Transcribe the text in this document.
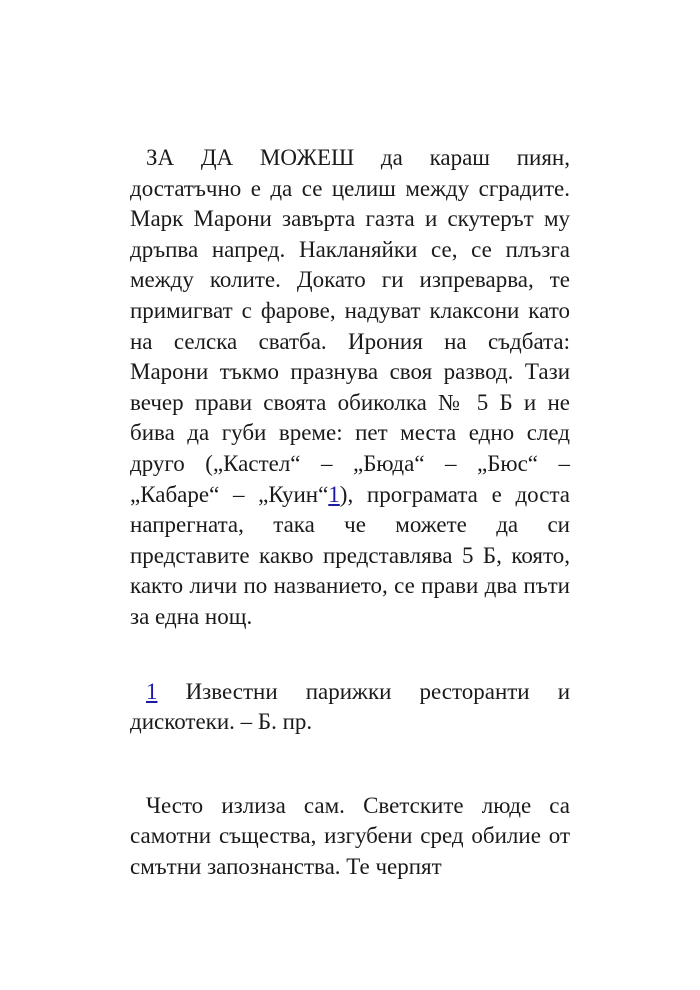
ЗА ДА МОЖЕШ да караш пиян, достатъчно е да се целиш между сградите. Марк Марони завърта газта и скутерът му дръпва напред. Накланяйки се, се плъзга между колите. Докато ги изпреварва, те примигват с фарове, надуват клаксони като на селска сватба. Ирония на съдбата: Марони тъкмо празнува своя развод. Тази вечер прави своята обиколка № 5 Б и не бива да губи време: пет места едно след друго („Кастел“ – „Бюда“ – „Бюс“ – „Кабаре“ – „Куин“1), програмата е доста напрегната, така че можете да си представите какво представлява 5 Б, която, както личи по названието, се прави два пъти за една нощ.

1 Известни парижки ресторанти и дискотеки. – Б. пр.

Често излиза сам. Светските люде са самотни същества, изгубени сред обилие от смътни запознанства. Те черпят
